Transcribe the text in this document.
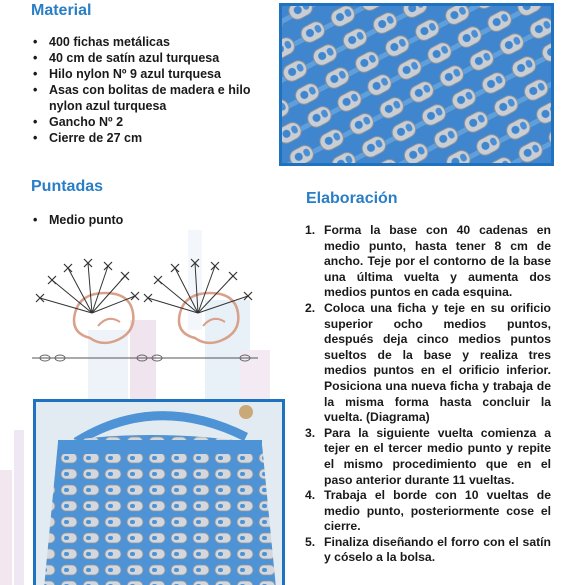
Material
• 400 fichas metálicas
• 40 cm de satín azul turquesa
• Hilo nylon Nº 9 azul turquesa
• Asas con bolitas de madera e hilo nylon azul turquesa
• Gancho Nº 2
• Cierre de 27 cm
Puntadas
• Medio punto
Elaboración
1. Forma la base con 40 cadenas en medio punto, hasta tener 8 cm de ancho. Teje por el contorno de la base una última vuelta y aumenta dos medios puntos en cada esquina.
2. Coloca una ficha y teje en su orificio superior ocho medios puntos, después deja cinco medios puntos sueltos de la base y realiza tres medios puntos en el orificio inferior. Posiciona una nueva ficha y trabaja de la misma forma hasta concluir la vuelta. (Diagrama)
3. Para la siguiente vuelta comienza a tejer en el tercer medio punto y repite el mismo procedimiento que en el paso anterior durante 11 vueltas.
4. Trabaja el borde con 10 vueltas de medio punto, posteriormente cose el cierre.
5. Finaliza diseñando el forro con el satín y cóselo a la bolsa.
